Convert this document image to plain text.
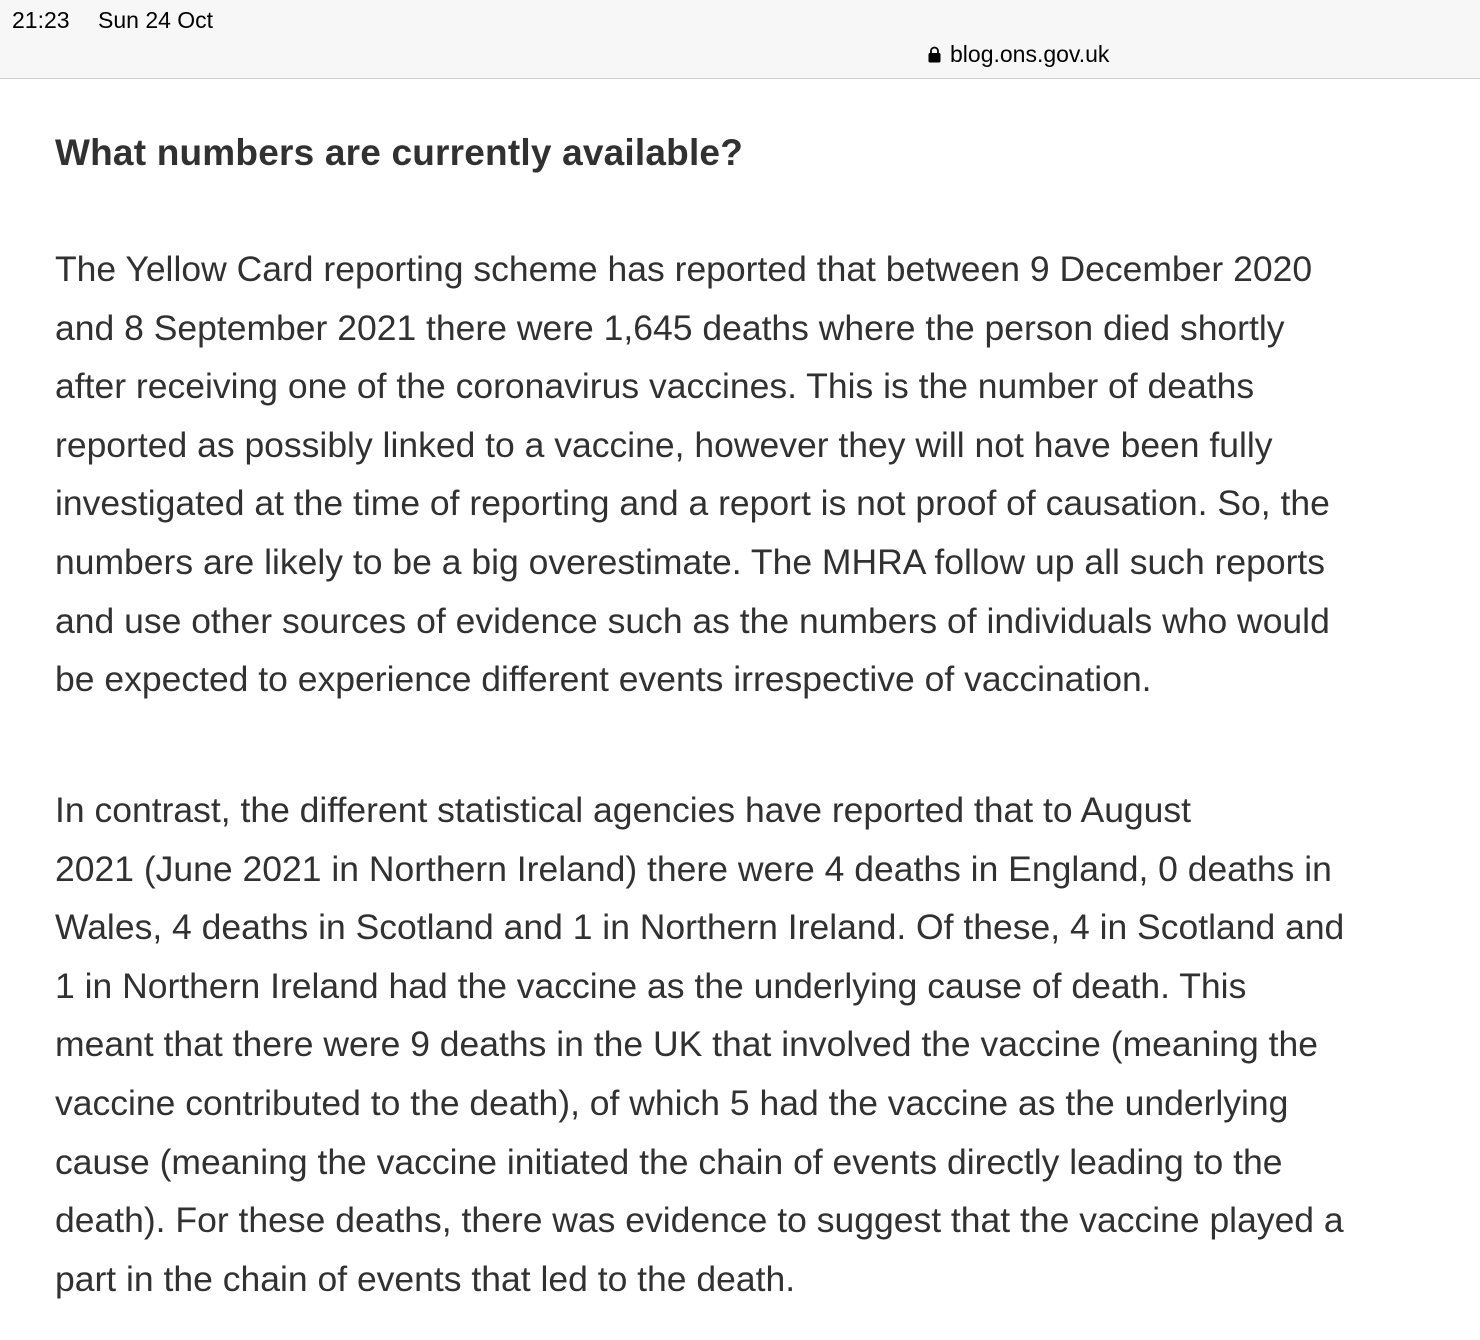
21:23 Sun 24 Oct
blog.ons.gov.uk
What numbers are currently available?

The Yellow Card reporting scheme has reported that between 9 December 2020
and 8 September 2021 there were 1,645 deaths where the person died shortly
after receiving one of the coronavirus vaccines. This is the number of deaths
reported as possibly linked to a vaccine, however they will not have been fully
investigated at the time of reporting and a report is not proof of causation. So, the
numbers are likely to be a big overestimate. The MHRA follow up all such reports
and use other sources of evidence such as the numbers of individuals who would
be expected to experience different events irrespective of vaccination.

In contrast, the different statistical agencies have reported that to August
2021 (June 2021 in Northern Ireland) there were 4 deaths in England, 0 deaths in
Wales, 4 deaths in Scotland and 1 in Northern Ireland. Of these, 4 in Scotland and
1 in Northern Ireland had the vaccine as the underlying cause of death. This
meant that there were 9 deaths in the UK that involved the vaccine (meaning the
vaccine contributed to the death), of which 5 had the vaccine as the underlying
cause (meaning the vaccine initiated the chain of events directly leading to the
death). For these deaths, there was evidence to suggest that the vaccine played a
part in the chain of events that led to the death.
